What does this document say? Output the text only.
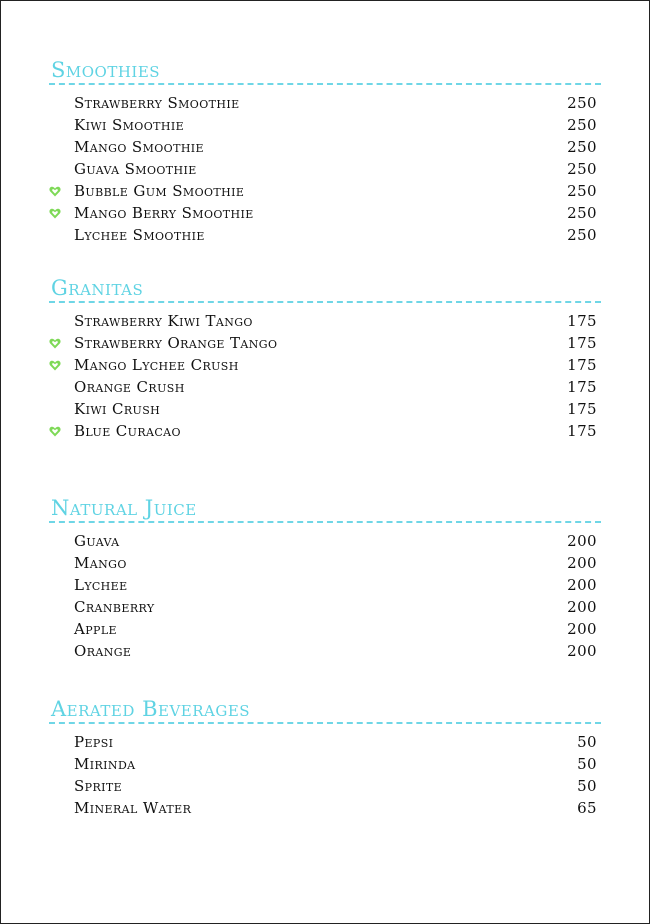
Smoothies
Strawberry Smoothie	250
Kiwi Smoothie	250
Mango Smoothie	250
Guava Smoothie	250
Bubble Gum Smoothie	250
Mango Berry Smoothie	250
Lychee Smoothie	250
Granitas
Strawberry Kiwi Tango	175
Strawberry Orange Tango	175
Mango Lychee Crush	175
Orange Crush	175
Kiwi Crush	175
Blue Curacao	175
Natural Juice
Guava	200
Mango	200
Lychee	200
Cranberry	200
Apple	200
Orange	200
Aerated Beverages
Pepsi	50
Mirinda	50
Sprite	50
Mineral Water	65
